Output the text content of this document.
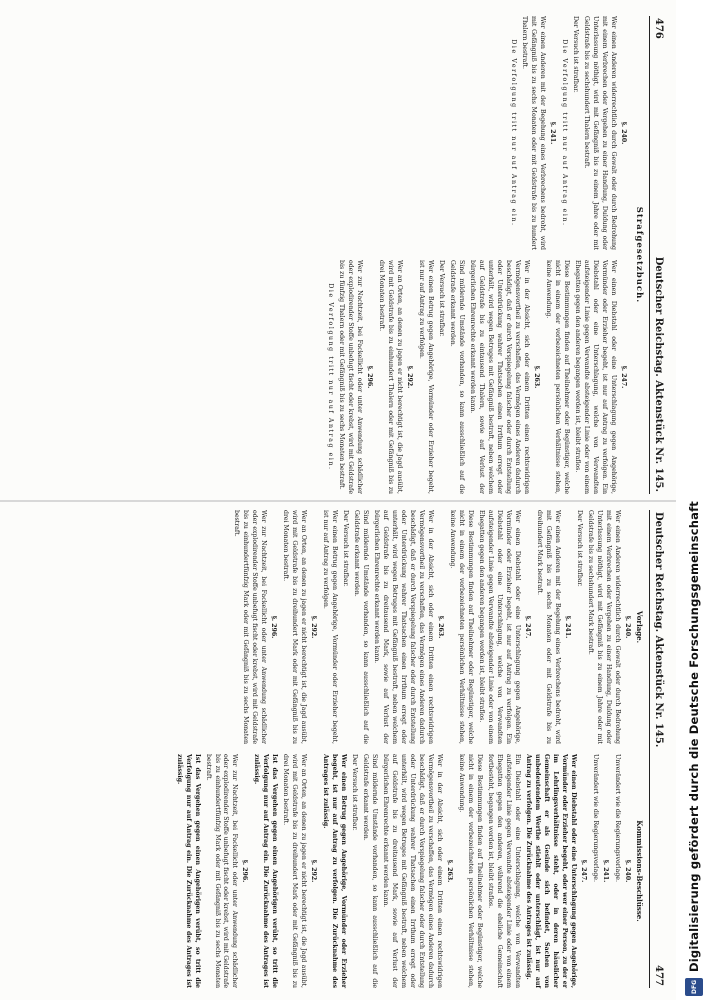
476
Deutscher Reichstag. Aktenstück Nr. 145.
Strafgesetzbuch.
§. 240.
Wer einen Anderen widerrechtlich durch Gewalt oder durch Bedrohung mit einem Verbrechen oder Vergehen zu einer Handlung, Duldung oder Unterlassung nöthigt, wird mit Gefängniß bis zu einem Jahre oder mit Geldstrafe bis zu sechshundert Thalern bestraft.
Der Versuch ist strafbar.
Die Verfolgung tritt nur auf Antrag ein.
§. 241.
Wer einen Anderen mit der Begehung eines Verbrechens bedroht, wird mit Gefängniß bis zu sechs Monaten oder mit Geldstrafe bis zu hundert Thalern bestraft.
Die Verfolgung tritt nur auf Antrag ein.
§. 247.
Wer einen Diebstahl oder eine Unterschlagung gegen Angehörige, Vormünder oder Erzieher begeht, ist nur auf Antrag zu verfolgen. Ein Diebstahl oder eine Unterschlagung, welche von Verwandten aufsteigender Linie gegen Verwandte absteigender Linie oder von einem Ehegatten gegen den anderen begangen worden ist, bleibt straflos.
Diese Bestimmungen finden auf Theilnehmer oder Begünstiger, welche nicht in einem der vorbezeichneten persönlichen Verhältnisse stehen, keine Anwendung.
§. 263.
Wer in der Absicht, sich oder einem Dritten einen rechtswidrigen Vermögensvortheil zu verschaffen, das Vermögen eines Anderen dadurch beschädigt, daß er durch Vorspiegelung falscher oder durch Entstellung oder Unterdrückung wahrer Thatsachen einen Irrthum erregt oder unterhält, wird wegen Betruges mit Gefängniß bestraft, neben welchem auf Geldstrafe bis zu eintausend Thalern, sowie auf Verlust der bürgerlichen Ehrenrechte erkannt werden kann.
Sind mildernde Umstände vorhanden, so kann ausschließlich auf die Geldstrafe erkannt werden.
Der Versuch ist strafbar.
Wer einen Betrug gegen Angehörige, Vormünder oder Erzieher begeht, ist nur auf Antrag zu verfolgen.
§. 292.
Wer an Orten, an denen zu jagen er nicht berechtigt ist, die Jagd ausübt, wird mit Geldstrafe bis zu einhundert Thalern oder mit Gefängniß bis zu drei Monaten bestraft.
§. 296.
Wer zur Nachtzeit, bei Fackellicht oder unter Anwendung schädlicher oder explodirender Stoffe unbefugt fischt oder krebst, wird mit Geldstrafe bis zu fünfzig Thalern oder mit Gefängniß bis zu sechs Monaten bestraft.
Die Verfolgung tritt nur auf Antrag ein.
Deutscher Reichstag. Aktenstück Nr. 145.
477
Vorlage.
§. 240.
Wer einen Anderen widerrechtlich durch Gewalt oder durch Bedrohung mit einem Verbrechen oder Vergehen zu einer Handlung, Duldung oder Unterlassung nöthigt, wird mit Gefängniß bis zu einem Jahre oder mit Geldstrafe bis zu sechshundert Mark bestraft.
Der Versuch ist strafbar.
§. 241.
Wer einen Anderen mit der Begehung eines Verbrechens bedroht, wird mit Gefängniß bis zu sechs Monaten oder mit Geldstrafe bis zu dreihundert Mark bestraft.
§. 247.
Wer einen Diebstahl oder eine Unterschlagung gegen Angehörige, Vormünder oder Erzieher begeht, ist nur auf Antrag zu verfolgen. Ein Diebstahl oder eine Unterschlagung, welche von Verwandten aufsteigender Linie gegen Verwandte absteigender Linie oder von einem Ehegatten gegen den anderen begangen worden ist, bleibt straflos.
Diese Bestimmungen finden auf Theilnehmer oder Begünstiger, welche nicht in einem der vorbezeichneten persönlichen Verhältnisse stehen, keine Anwendung.
§. 263.
Wer in der Absicht, sich oder einem Dritten einen rechtswidrigen Vermögensvortheil zu verschaffen, das Vermögen eines Anderen dadurch beschädigt, daß er durch Vorspiegelung falscher oder durch Entstellung oder Unterdrückung wahrer Thatsachen einen Irrthum erregt oder unterhält, wird wegen Betruges mit Gefängniß bestraft, neben welchem auf Geldstrafe bis zu dreitausend Mark, sowie auf Verlust der bürgerlichen Ehrenrechte erkannt werden kann.
Sind mildernde Umstände vorhanden, so kann ausschließlich auf die Geldstrafe erkannt werden.
Der Versuch ist strafbar.
Wer einen Betrug gegen Angehörige, Vormünder oder Erzieher begeht, ist nur auf Antrag zu verfolgen.
§. 292.
Wer an Orten, an denen zu jagen er nicht berechtigt ist, die Jagd ausübt, wird mit Geldstrafe bis zu dreihundert Mark oder mit Gefängniß bis zu drei Monaten bestraft.
§. 296.
Wer zur Nachtzeit, bei Fackellicht oder unter Anwendung schädlicher oder explodirender Stoffe unbefugt fischt oder krebst, wird mit Geldstrafe bis zu einhundertfünfzig Mark oder mit Gefängniß bis zu sechs Monaten bestraft.
Kommissions-Beschlüsse.
§. 240.
Unverändert wie die Regierungsvorlage.
§. 241.
Unverändert wie die Regierungsvorlage.
§. 247.
Wer einen Diebstahl oder eine Unterschlagung gegen Angehörige, Vormünder oder Erzieher begeht, oder wer einer Person, zu der er im Lehrlingsverhältnisse steht, oder in deren häuslicher Gemeinschaft er als Gesinde sich befindet, Sachen von unbedeutendem Werthe stiehlt oder unterschlägt, ist nur auf Antrag zu verfolgen. Die Zurücknahme des Antrages ist zulässig.
Ein Diebstahl oder eine Unterschlagung, welche von Verwandten aufsteigender Linie gegen Verwandte absteigender Linie oder von einem Ehegatten gegen den anderen, während die eheliche Gemeinschaft fortbesteht, begangen worden ist, bleibt straflos.
Diese Bestimmungen finden auf Theilnehmer oder Begünstiger, welche nicht in einem der vorbezeichneten persönlichen Verhältnisse stehen, keine Anwendung.
§. 263.
Wer in der Absicht, sich oder einem Dritten einen rechtswidrigen Vermögensvortheil zu verschaffen, das Vermögen eines Anderen dadurch beschädigt, daß er durch Vorspiegelung falscher oder durch Entstellung oder Unterdrückung wahrer Thatsachen einen Irrthum erregt oder unterhält, wird wegen Betruges mit Gefängniß bestraft, neben welchem auf Geldstrafe bis zu dreitausend Mark, sowie auf Verlust der bürgerlichen Ehrenrechte erkannt werden kann.
Sind mildernde Umstände vorhanden, so kann ausschließlich auf die Geldstrafe erkannt werden.
Der Versuch ist strafbar.
Wer einen Betrug gegen Angehörige, Vormünder oder Erzieher begeht, ist nur auf Antrag zu verfolgen. Die Zurücknahme des Antrages ist zulässig.
§. 292.
Wer an Orten, an denen zu jagen er nicht berechtigt ist, die Jagd ausübt, wird mit Geldstrafe bis zu dreihundert Mark oder mit Gefängniß bis zu drei Monaten bestraft.
Ist das Vergehen gegen einen Angehörigen verübt, so tritt die Verfolgung nur auf Antrag ein. Die Zurücknahme des Antrages ist zulässig.
§. 296.
Wer zur Nachtzeit, bei Fackellicht oder unter Anwendung schädlicher oder explodirender Stoffe unbefugt fischt oder krebst, wird mit Geldstrafe bis zu einhundertfünfzig Mark oder mit Gefängniß bis zu sechs Monaten bestraft.
Ist das Vergehen gegen einen Angehörigen verübt, so tritt die Verfolgung nur auf Antrag ein. Die Zurücknahme des Antrages ist zulässig.	Digitalisierung gefördert durch die Deutsche Forschungsgemeinschaft
DFG
